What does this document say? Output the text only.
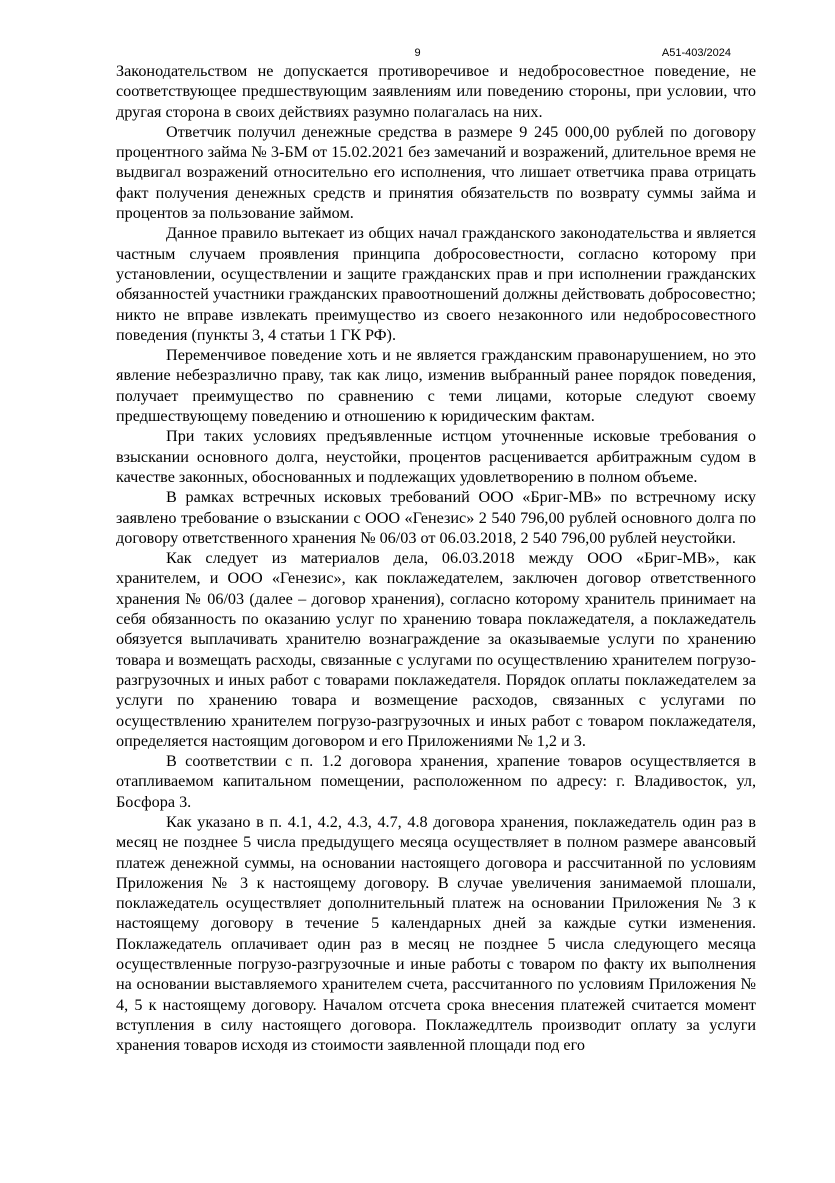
9	А51-403/2024

Законодательством не допускается противоречивое и недобросовестное поведение, не соответствующее предшествующим заявлениям или поведению стороны, при условии, что другая сторона в своих действиях разумно полагалась на них.

Ответчик получил денежные средства в размере 9 245 000,00 рублей по договору процентного займа № 3-БМ от 15.02.2021 без замечаний и возражений, длительное время не выдвигал возражений относительно его исполнения, что лишает ответчика права отрицать факт получения денежных средств и принятия обязательств по возврату суммы займа и процентов за пользование займом.

Данное правило вытекает из общих начал гражданского законодательства и является частным случаем проявления принципа добросовестности, согласно которому при установлении, осуществлении и защите гражданских прав и при исполнении гражданских обязанностей участники гражданских правоотношений должны действовать добросовестно; никто не вправе извлекать преимущество из своего незаконного или недобросовестного поведения (пункты 3, 4 статьи 1 ГК РФ).

Переменчивое поведение хоть и не является гражданским правонарушением, но это явление небезразлично праву, так как лицо, изменив выбранный ранее порядок поведения, получает преимущество по сравнению с теми лицами, которые следуют своему предшествующему поведению и отношению к юридическим фактам.

При таких условиях предъявленные истцом уточненные исковые требования о взыскании основного долга, неустойки, процентов расценивается арбитражным судом в качестве законных, обоснованных и подлежащих удовлетворению в полном объеме.

В рамках встречных исковых требований ООО «Бриг-МВ» по встречному иску заявлено требование о взыскании с ООО «Генезис» 2 540 796,00 рублей основного долга по договору ответственного хранения № 06/03 от 06.03.2018, 2 540 796,00 рублей неустойки.

Как следует из материалов дела, 06.03.2018 между ООО «Бриг-МВ», как хранителем, и ООО «Генезис», как поклажедателем, заключен договор ответственного хранения № 06/03 (далее – договор хранения), согласно которому хранитель принимает на себя обязанность по оказанию услуг по хранению товара поклажедателя, а поклажедатель обязуется выплачивать хранителю вознаграждение за оказываемые услуги по хранению товара и возмещать расходы, связанные с услугами по осуществлению хранителем погрузо-разгрузочных и иных работ с товарами поклажедателя. Порядок оплаты поклажедателем за услуги по хранению товара и возмещение расходов, связанных с услугами по осуществлению хранителем погрузо-разгрузочных и иных работ с товаром поклажедателя, определяется настоящим договором и его Приложениями № 1,2 и 3.

В соответствии с п. 1.2 договора хранения, храпение товаров осуществляется в отапливаемом капитальном помещении, расположенном по адресу: г. Владивосток, ул, Босфора 3.

Как указано в п. 4.1, 4.2, 4.3, 4.7, 4.8 договора хранения, поклажедатель один раз в месяц не позднее 5 числа предыдущего месяца осуществляет в полном размере авансовый платеж денежной суммы, на основании настоящего договора и рассчитанной по условиям Приложения № 3 к настоящему договору. В случае увеличения занимаемой плошали, поклажедатель осуществляет дополнительный платеж на основании Приложения № 3 к настоящему договору в течение 5 календарных дней за каждые сутки изменения. Поклажедатель оплачивает один раз в месяц не позднее 5 числа следующего месяца осуществленные погрузо-разгрузочные и иные работы с товаром по факту их выполнения на основании выставляемого хранителем счета, рассчитанного по условиям Приложения № 4, 5 к настоящему договору. Началом отсчета срока внесения платежей считается момент вступления в силу настоящего договора. Поклажедлтель производит оплату за услуги хранения товаров исходя из стоимости заявленной площади под его
